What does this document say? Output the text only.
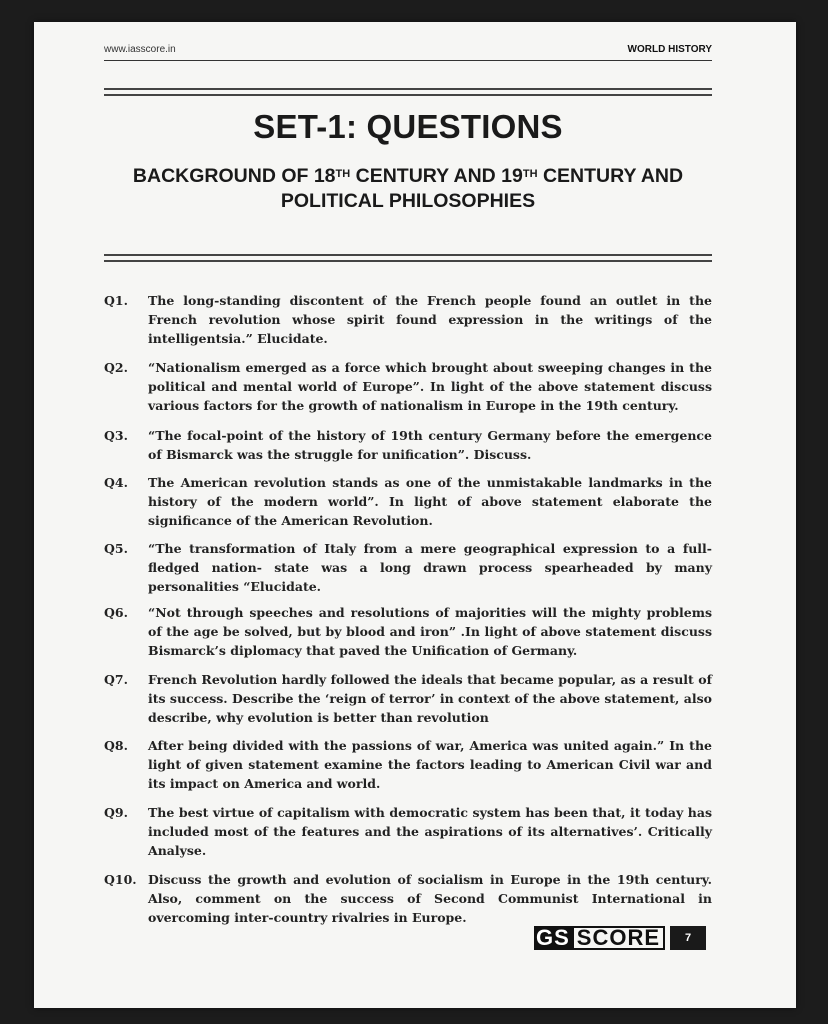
www.iasscore.in	WORLD HISTORY
SET-1: QUESTIONS
BACKGROUND OF 18TH CENTURY AND 19TH CENTURY AND
POLITICAL PHILOSOPHIES
Q1.	The long-standing discontent of the French people found an outlet in the French revolution whose spirit found expression in the writings of the intelligentsia.” Elucidate.
Q2.	“Nationalism emerged as a force which brought about sweeping changes in the political and mental world of Europe”. In light of the above statement discuss various factors for the growth of nationalism in Europe in the 19th century.
Q3.	“The focal-point of the history of 19th century Germany before the emergence of Bismarck was the struggle for unification”. Discuss.
Q4.	The American revolution stands as one of the unmistakable landmarks in the history of the modern world”. In light of above statement elaborate the significance of the American Revolution.
Q5.	“The transformation of Italy from a mere geographical expression to a full-fledged nation- state was a long drawn process spearheaded by many personalities “Elucidate.
Q6.	“Not through speeches and resolutions of majorities will the mighty problems of the age be solved, but by blood and iron” .In light of above statement discuss Bismarck’s diplomacy that paved the Unification of Germany.
Q7.	French Revolution hardly followed the ideals that became popular, as a result of its success. Describe the ‘reign of terror’ in context of the above statement, also describe, why evolution is better than revolution
Q8.	After being divided with the passions of war, America was united again.” In the light of given statement examine the factors leading to American Civil war and its impact on America and world.
Q9.	The best virtue of capitalism with democratic system has been that, it today has included most of the features and the aspirations of its alternatives’. Critically Analyse.
Q10. Discuss the growth and evolution of socialism in Europe in the 19th century. Also, comment on the success of Second Communist International in overcoming inter-country rivalries in Europe.
GS SCORE	7
